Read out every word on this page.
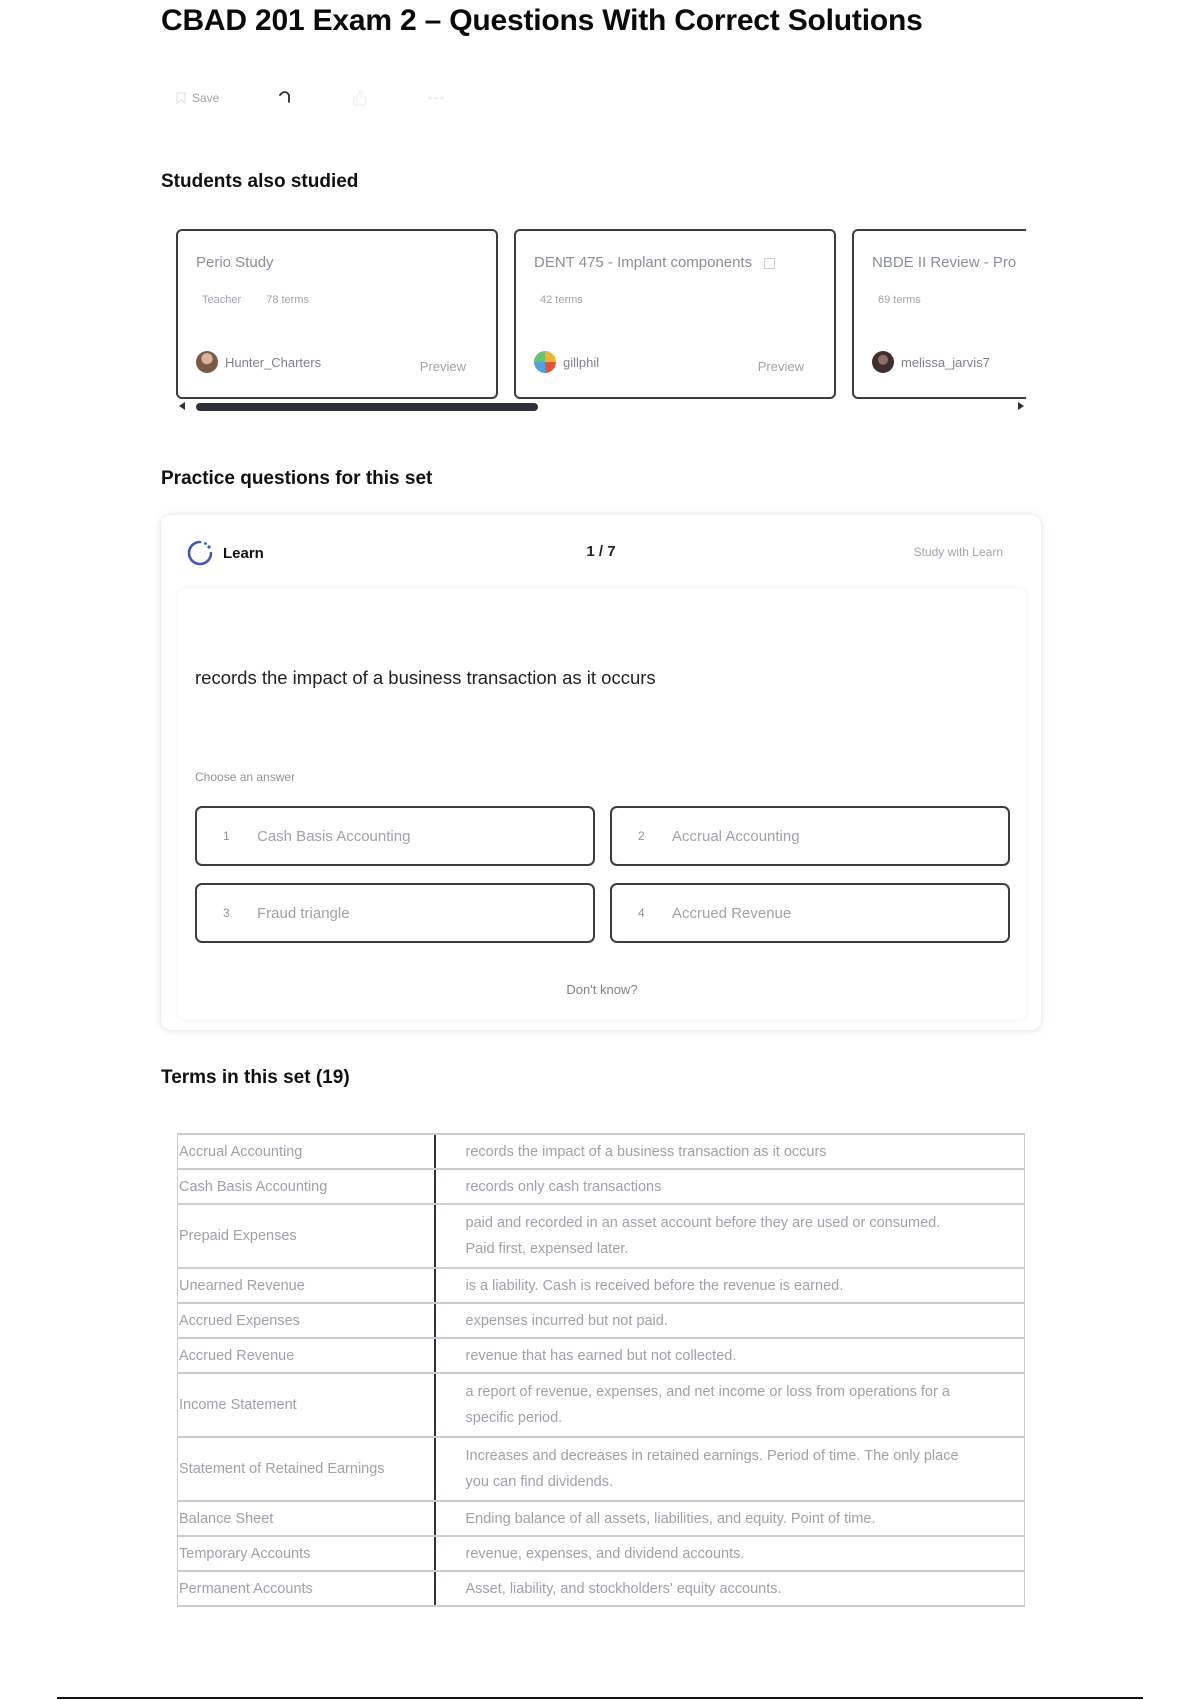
CBAD 201 Exam 2 – Questions With Correct Solutions
Save
Students also studied
Perio Study
Teacher 78 terms
Hunter_Charters	Preview
DENT 475 - Implant components
42 terms
gillphil	Preview
NBDE II Review - Pro
69 terms
melissa_jarvis7
Practice questions for this set
Learn	1 / 7	Study with Learn
records the impact of a business transaction as it occurs
Choose an answer
1	Cash Basis Accounting	2	Accrual Accounting
3	Fraud triangle	4	Accrued Revenue
Don't know?
Terms in this set (19)
Accrual Accounting	records the impact of a business transaction as it occurs
Cash Basis Accounting	records only cash transactions
Prepaid Expenses	paid and recorded in an asset account before they are used or consumed. Paid first, expensed later.
Unearned Revenue	is a liability. Cash is received before the revenue is earned.
Accrued Expenses	expenses incurred but not paid.
Accrued Revenue	revenue that has earned but not collected.
Income Statement	a report of revenue, expenses, and net income or loss from operations for a specific period.
Statement of Retained Earnings	Increases and decreases in retained earnings. Period of time. The only place you can find dividends.
Balance Sheet	Ending balance of all assets, liabilities, and equity. Point of time.
Temporary Accounts	revenue, expenses, and dividend accounts.
Permanent Accounts	Asset, liability, and stockholders' equity accounts.
